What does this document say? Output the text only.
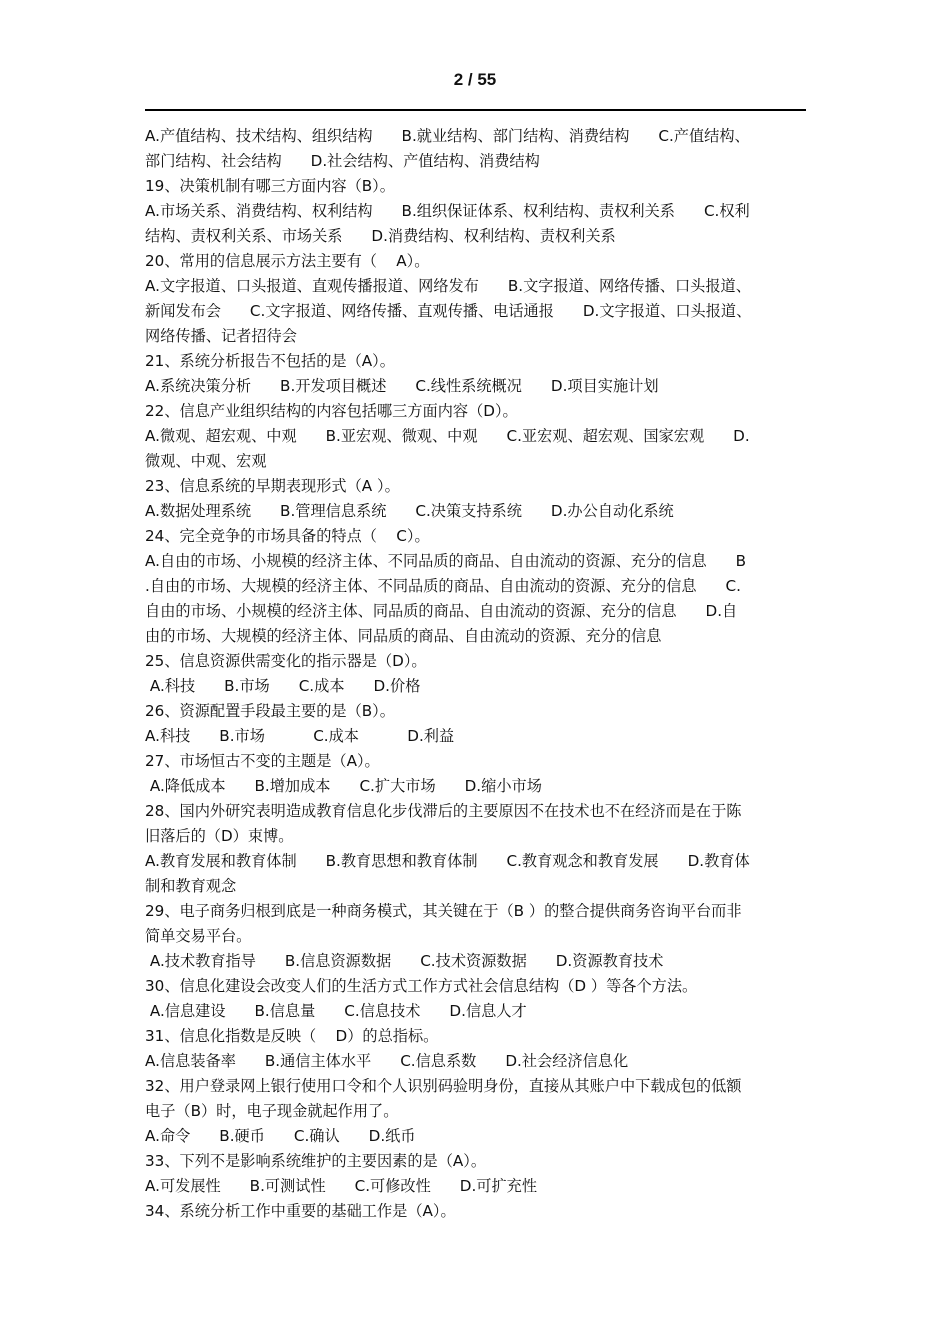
2 / 55
A.产值结构、技术结构、组织结构      B.就业结构、部门结构、消费结构      C.产值结构、
部门结构、社会结构      D.社会结构、产值结构、消费结构
19、决策机制有哪三方面内容（B）。
A.市场关系、消费结构、权利结构      B.组织保证体系、权利结构、责权利关系      C.权利
结构、责权利关系、市场关系      D.消费结构、权利结构、责权利关系
20、常用的信息展示方法主要有（    A）。
A.文字报道、口头报道、直观传播报道、网络发布      B.文字报道、网络传播、口头报道、
新闻发布会      C.文字报道、网络传播、直观传播、电话通报      D.文字报道、口头报道、
网络传播、记者招待会
21、系统分析报告不包括的是（A）。
A.系统决策分析      B.开发项目概述      C.线性系统概况      D.项目实施计划
22、信息产业组织结构的内容包括哪三方面内容（D）。
A.微观、超宏观、中观      B.亚宏观、微观、中观      C.亚宏观、超宏观、国家宏观      D.
微观、中观、宏观
23、信息系统的早期表现形式（A ）。
A.数据处理系统      B.管理信息系统      C.决策支持系统      D.办公自动化系统
24、完全竞争的市场具备的特点（    C）。
A.自由的市场、小规模的经济主体、不同品质的商品、自由流动的资源、充分的信息      B
.自由的市场、大规模的经济主体、不同品质的商品、自由流动的资源、充分的信息      C.
自由的市场、小规模的经济主体、同品质的商品、自由流动的资源、充分的信息      D.自
由的市场、大规模的经济主体、同品质的商品、自由流动的资源、充分的信息
25、信息资源供需变化的指示器是（D）。
A.科技      B.市场      C.成本      D.价格
26、资源配置手段最主要的是（B）。
A.科技      B.市场          C.成本          D.利益
27、市场恒古不变的主题是（A）。
A.降低成本      B.增加成本      C.扩大市场      D.缩小市场
28、国内外研究表明造成教育信息化步伐滞后的主要原因不在技术也不在经济而是在于陈
旧落后的（D）束博。
A.教育发展和教育体制      B.教育思想和教育体制      C.教育观念和教育发展      D.教育体
制和教育观念
29、电子商务归根到底是一种商务模式，其关键在于（B ）的整合提供商务咨询平台而非
简单交易平台。
A.技术教育指导      B.信息资源数据      C.技术资源数据      D.资源教育技术
30、信息化建设会改变人们的生活方式工作方式社会信息结构（D ）等各个方法。
A.信息建设      B.信息量      C.信息技术      D.信息人才
31、信息化指数是反映（    D）的总指标。
A.信息装备率      B.通信主体水平      C.信息系数      D.社会经济信息化
32、用户登录网上银行使用口令和个人识别码验明身份，直接从其账户中下载成包的低额
电子（B）时，电子现金就起作用了。
A.命令      B.硬币      C.确认      D.纸币
33、下列不是影响系统维护的主要因素的是（A）。
A.可发展性      B.可测试性      C.可修改性      D.可扩充性
34、系统分析工作中重要的基础工作是（A）。
